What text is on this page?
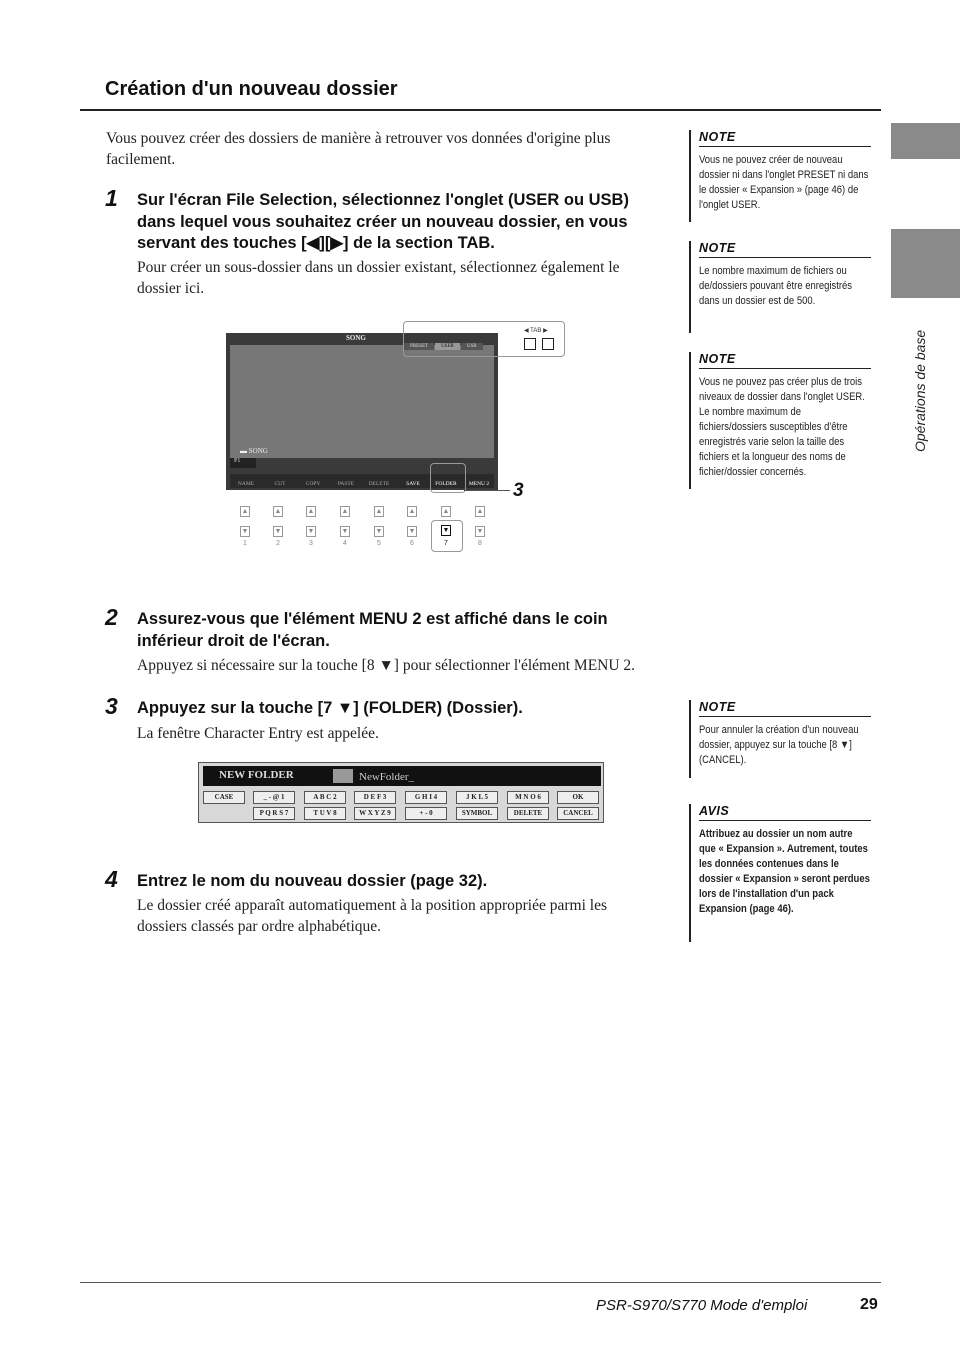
Création d'un nouveau dossier
Vous pouvez créer des dossiers de manière à retrouver vos données d'origine plus facilement.
1 Sur l'écran File Selection, sélectionnez l'onglet (USER ou USB) dans lequel vous souhaitez créer un nouveau dossier, en vous servant des touches [◀][▶] de la section TAB.
Pour créer un sous-dossier dans un dossier existant, sélectionnez également le dossier ici.
SONG
PRESET	USER	USB
▬ SONG
P1
NAME	CUT	COPY	PASTE	DELETE	SAVE	FOLDER	MENU 2
◀ TAB ▶
3
▲	▲	▲	▲	▲	▲	▲	▲
▼	▼	▼	▼	▼	▼	▼	▼
1	2	3	4	5	6	7	8
2 Assurez-vous que l'élément MENU 2 est affiché dans le coin inférieur droit de l'écran.
Appuyez si nécessaire sur la touche [8 ▼] pour sélectionner l'élément MENU 2.
3 Appuyez sur la touche [7 ▼] (FOLDER) (Dossier).
La fenêtre Character Entry est appelée.
NEW FOLDER	NewFolder_
CASE	_ - @ 1	A B C 2	D E F 3	G H I 4	J K L 5	M N O 6	OK
P Q R S 7	T U V 8	W X Y Z 9	+ - 0	SYMBOL	DELETE	CANCEL
4 Entrez le nom du nouveau dossier (page 32).
Le dossier créé apparaît automatiquement à la position appropriée parmi les dossiers classés par ordre alphabétique.
NOTE
Vous ne pouvez créer de nouveau dossier ni dans l'onglet PRESET ni dans le dossier « Expansion » (page 46) de l'onglet USER.
NOTE
Le nombre maximum de fichiers ou de/dossiers pouvant être enregistrés dans un dossier est de 500.
NOTE
Vous ne pouvez pas créer plus de trois niveaux de dossier dans l'onglet USER. Le nombre maximum de fichiers/dossiers susceptibles d'être enregistrés varie selon la taille des fichiers et la longueur des noms de fichier/dossier concernés.
NOTE
Pour annuler la création d'un nouveau dossier, appuyez sur la touche [8 ▼] (CANCEL).
AVIS
Attribuez au dossier un nom autre que « Expansion ». Autrement, toutes les données contenues dans le dossier « Expansion » seront perdues lors de l'installation d'un pack Expansion (page 46).
Opérations de base
PSR-S970/S770 Mode d'emploi	29
